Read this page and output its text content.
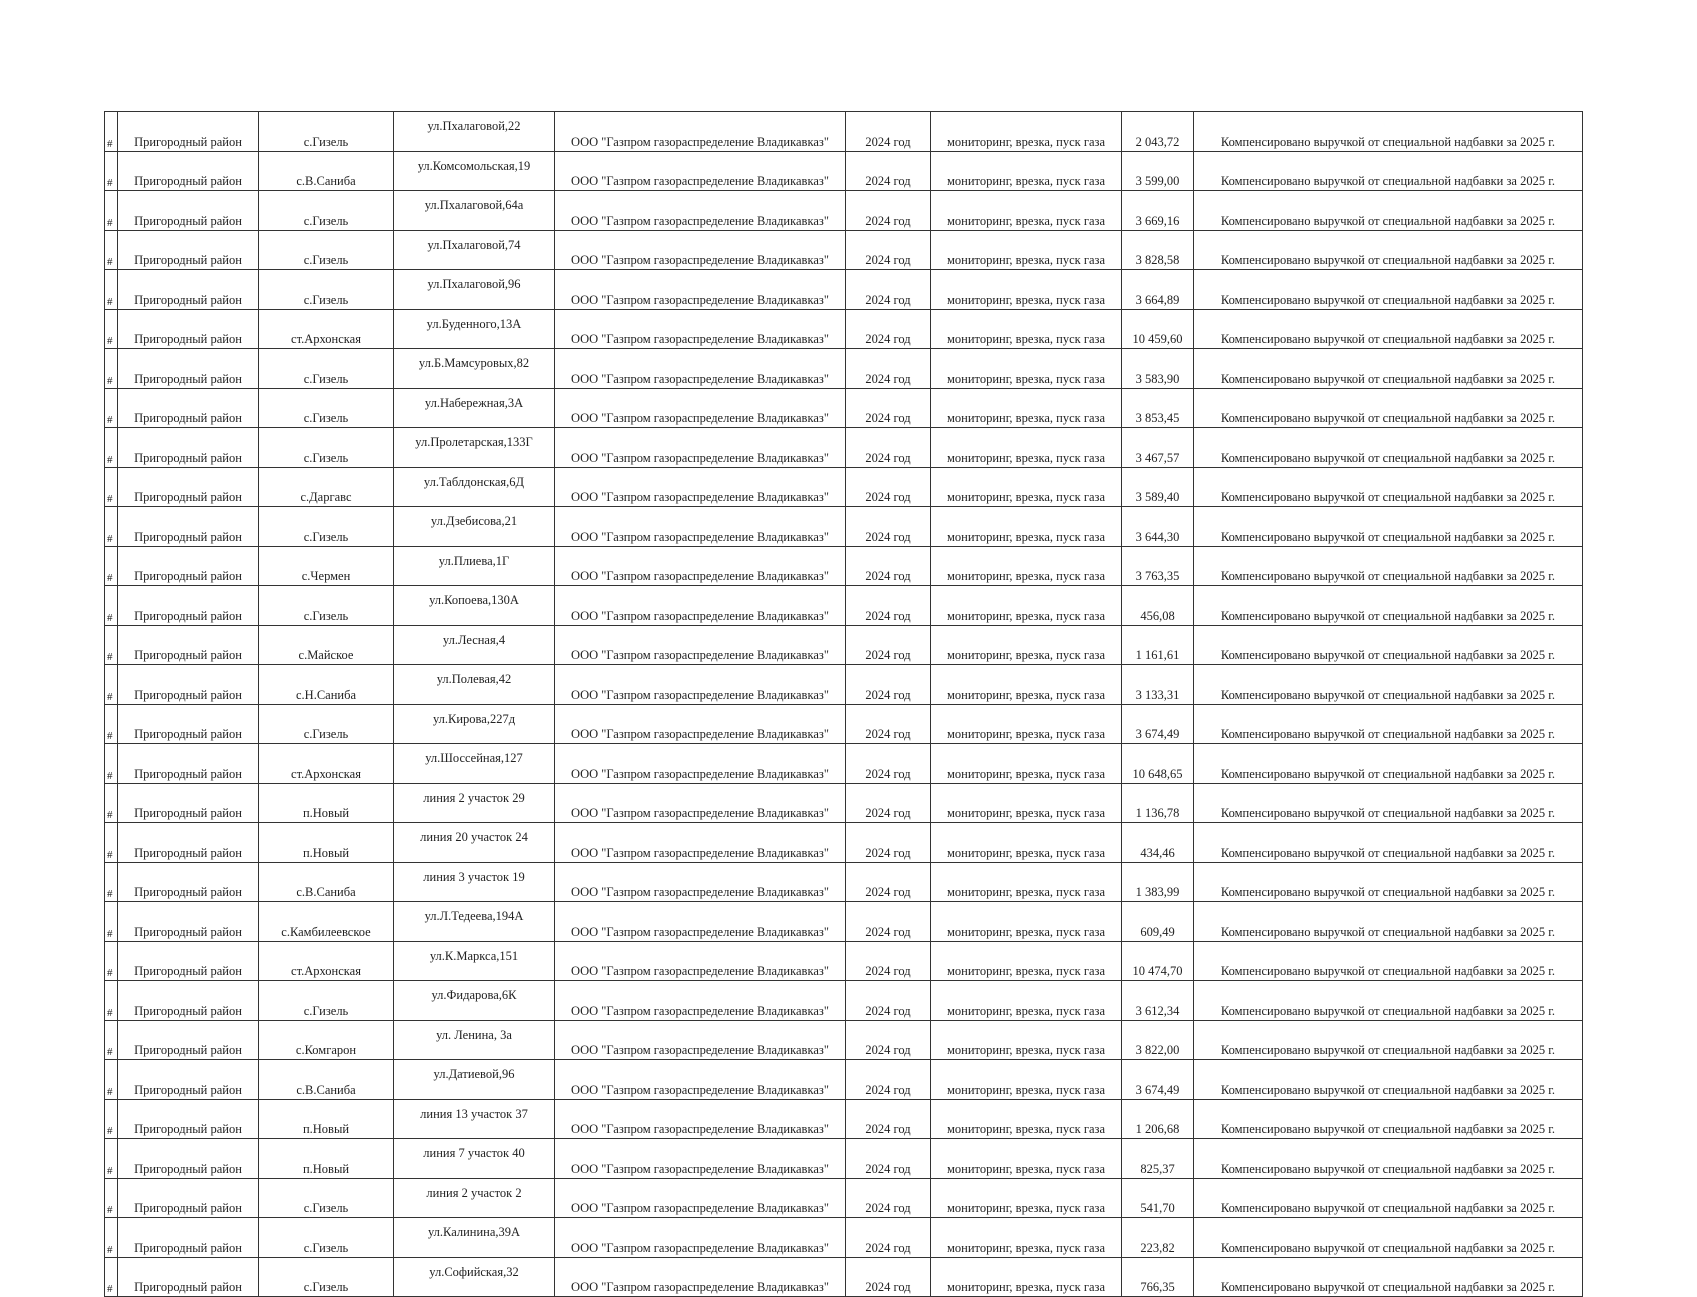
#	Пригородный район	с.Гизель	ул.Пхалаговой,22	ООО "Газпром газораспределение Владикавказ"	2024 год	мониторинг, врезка, пуск газа	2 043,72	Компенсировано выручкой от специальной надбавки за 2025 г.
#	Пригородный район	с.В.Саниба	ул.Комсомольская,19	ООО "Газпром газораспределение Владикавказ"	2024 год	мониторинг, врезка, пуск газа	3 599,00	Компенсировано выручкой от специальной надбавки за 2025 г.
#	Пригородный район	с.Гизель	ул.Пхалаговой,64а	ООО "Газпром газораспределение Владикавказ"	2024 год	мониторинг, врезка, пуск газа	3 669,16	Компенсировано выручкой от специальной надбавки за 2025 г.
#	Пригородный район	с.Гизель	ул.Пхалаговой,74	ООО "Газпром газораспределение Владикавказ"	2024 год	мониторинг, врезка, пуск газа	3 828,58	Компенсировано выручкой от специальной надбавки за 2025 г.
#	Пригородный район	с.Гизель	ул.Пхалаговой,96	ООО "Газпром газораспределение Владикавказ"	2024 год	мониторинг, врезка, пуск газа	3 664,89	Компенсировано выручкой от специальной надбавки за 2025 г.
#	Пригородный район	ст.Архонская	ул.Буденного,13А	ООО "Газпром газораспределение Владикавказ"	2024 год	мониторинг, врезка, пуск газа	10 459,60	Компенсировано выручкой от специальной надбавки за 2025 г.
#	Пригородный район	с.Гизель	ул.Б.Мамсуровых,82	ООО "Газпром газораспределение Владикавказ"	2024 год	мониторинг, врезка, пуск газа	3 583,90	Компенсировано выручкой от специальной надбавки за 2025 г.
#	Пригородный район	с.Гизель	ул.Набережная,3А	ООО "Газпром газораспределение Владикавказ"	2024 год	мониторинг, врезка, пуск газа	3 853,45	Компенсировано выручкой от специальной надбавки за 2025 г.
#	Пригородный район	с.Гизель	ул.Пролетарская,133Г	ООО "Газпром газораспределение Владикавказ"	2024 год	мониторинг, врезка, пуск газа	3 467,57	Компенсировано выручкой от специальной надбавки за 2025 г.
#	Пригородный район	с.Даргавс	ул.Таблдонская,6Д	ООО "Газпром газораспределение Владикавказ"	2024 год	мониторинг, врезка, пуск газа	3 589,40	Компенсировано выручкой от специальной надбавки за 2025 г.
#	Пригородный район	с.Гизель	ул.Дзебисова,21	ООО "Газпром газораспределение Владикавказ"	2024 год	мониторинг, врезка, пуск газа	3 644,30	Компенсировано выручкой от специальной надбавки за 2025 г.
#	Пригородный район	с.Чермен	ул.Плиева,1Г	ООО "Газпром газораспределение Владикавказ"	2024 год	мониторинг, врезка, пуск газа	3 763,35	Компенсировано выручкой от специальной надбавки за 2025 г.
#	Пригородный район	с.Гизель	ул.Копоева,130А	ООО "Газпром газораспределение Владикавказ"	2024 год	мониторинг, врезка, пуск газа	456,08	Компенсировано выручкой от специальной надбавки за 2025 г.
#	Пригородный район	с.Майское	ул.Лесная,4	ООО "Газпром газораспределение Владикавказ"	2024 год	мониторинг, врезка, пуск газа	1 161,61	Компенсировано выручкой от специальной надбавки за 2025 г.
#	Пригородный район	с.Н.Саниба	ул.Полевая,42	ООО "Газпром газораспределение Владикавказ"	2024 год	мониторинг, врезка, пуск газа	3 133,31	Компенсировано выручкой от специальной надбавки за 2025 г.
#	Пригородный район	с.Гизель	ул.Кирова,227д	ООО "Газпром газораспределение Владикавказ"	2024 год	мониторинг, врезка, пуск газа	3 674,49	Компенсировано выручкой от специальной надбавки за 2025 г.
#	Пригородный район	ст.Архонская	ул.Шоссейная,127	ООО "Газпром газораспределение Владикавказ"	2024 год	мониторинг, врезка, пуск газа	10 648,65	Компенсировано выручкой от специальной надбавки за 2025 г.
#	Пригородный район	п.Новый	линия 2 участок 29	ООО "Газпром газораспределение Владикавказ"	2024 год	мониторинг, врезка, пуск газа	1 136,78	Компенсировано выручкой от специальной надбавки за 2025 г.
#	Пригородный район	п.Новый	линия 20 участок 24	ООО "Газпром газораспределение Владикавказ"	2024 год	мониторинг, врезка, пуск газа	434,46	Компенсировано выручкой от специальной надбавки за 2025 г.
#	Пригородный район	с.В.Саниба	линия 3 участок 19	ООО "Газпром газораспределение Владикавказ"	2024 год	мониторинг, врезка, пуск газа	1 383,99	Компенсировано выручкой от специальной надбавки за 2025 г.
#	Пригородный район	с.Камбилеевское	ул.Л.Тедеева,194А	ООО "Газпром газораспределение Владикавказ"	2024 год	мониторинг, врезка, пуск газа	609,49	Компенсировано выручкой от специальной надбавки за 2025 г.
#	Пригородный район	ст.Архонская	ул.К.Маркса,151	ООО "Газпром газораспределение Владикавказ"	2024 год	мониторинг, врезка, пуск газа	10 474,70	Компенсировано выручкой от специальной надбавки за 2025 г.
#	Пригородный район	с.Гизель	ул.Фидарова,6К	ООО "Газпром газораспределение Владикавказ"	2024 год	мониторинг, врезка, пуск газа	3 612,34	Компенсировано выручкой от специальной надбавки за 2025 г.
#	Пригородный район	с.Комгарон	ул. Ленина, 3а	ООО "Газпром газораспределение Владикавказ"	2024 год	мониторинг, врезка, пуск газа	3 822,00	Компенсировано выручкой от специальной надбавки за 2025 г.
#	Пригородный район	с.В.Саниба	ул.Датиевой,96	ООО "Газпром газораспределение Владикавказ"	2024 год	мониторинг, врезка, пуск газа	3 674,49	Компенсировано выручкой от специальной надбавки за 2025 г.
#	Пригородный район	п.Новый	линия 13 участок 37	ООО "Газпром газораспределение Владикавказ"	2024 год	мониторинг, врезка, пуск газа	1 206,68	Компенсировано выручкой от специальной надбавки за 2025 г.
#	Пригородный район	п.Новый	линия 7 участок 40	ООО "Газпром газораспределение Владикавказ"	2024 год	мониторинг, врезка, пуск газа	825,37	Компенсировано выручкой от специальной надбавки за 2025 г.
#	Пригородный район	с.Гизель	линия 2 участок 2	ООО "Газпром газораспределение Владикавказ"	2024 год	мониторинг, врезка, пуск газа	541,70	Компенсировано выручкой от специальной надбавки за 2025 г.
#	Пригородный район	с.Гизель	ул.Калинина,39А	ООО "Газпром газораспределение Владикавказ"	2024 год	мониторинг, врезка, пуск газа	223,82	Компенсировано выручкой от специальной надбавки за 2025 г.
#	Пригородный район	с.Гизель	ул.Софийская,32	ООО "Газпром газораспределение Владикавказ"	2024 год	мониторинг, врезка, пуск газа	766,35	Компенсировано выручкой от специальной надбавки за 2025 г.
